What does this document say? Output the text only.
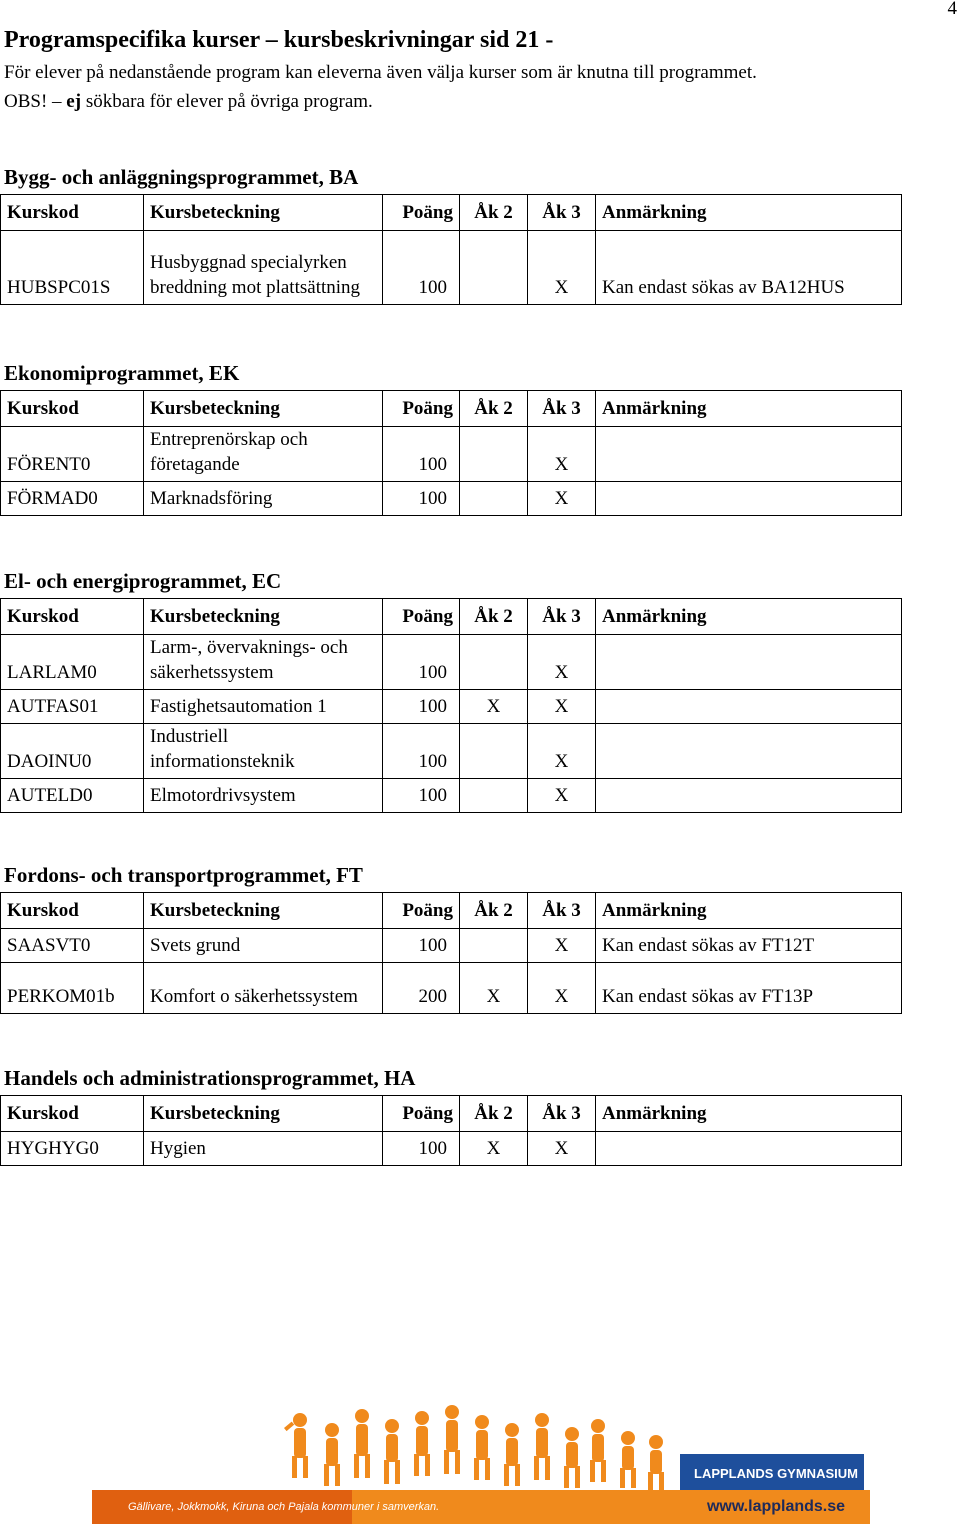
4
Programspecifika kurser – kursbeskrivningar sid 21 -
För elever på nedanstående program kan eleverna även välja kurser som är knutna till programmet.
OBS! – ej sökbara för elever på övriga program.
Bygg- och anläggningsprogrammet, BA
Kurskod	Kursbeteckning	Poäng	Åk 2	Åk 3	Anmärkning
HUBSPC01S	Husbyggnad specialyrken breddning mot plattsättning	100		X	Kan endast sökas av BA12HUS
Ekonomiprogrammet, EK
Kurskod	Kursbeteckning	Poäng	Åk 2	Åk 3	Anmärkning
FÖRENT0	Entreprenörskap och företagande	100		X	
FÖRMAD0	Marknadsföring	100		X	
El- och energiprogrammet, EC
Kurskod	Kursbeteckning	Poäng	Åk 2	Åk 3	Anmärkning
LARLAM0	Larm-, övervaknings- och säkerhetssystem	100		X	
AUTFAS01	Fastighetsautomation 1	100	X	X	
DAOINU0	Industriell informationsteknik	100		X	
AUTELD0	Elmotordrivsystem	100		X	
Fordons- och transportprogrammet, FT
Kurskod	Kursbeteckning	Poäng	Åk 2	Åk 3	Anmärkning
SAASVT0	Svets grund	100		X	Kan endast sökas av FT12T
PERKOM01b	Komfort o säkerhetssystem	200	X	X	Kan endast sökas av FT13P
Handels och administrationsprogrammet, HA
Kurskod	Kursbeteckning	Poäng	Åk 2	Åk 3	Anmärkning
HYGHYG0	Hygien	100	X	X	
LAPPLANDS GYMNASIUM
Gällivare, Jokkmokk, Kiruna och Pajala kommuner i samverkan.	www.lapplands.se
